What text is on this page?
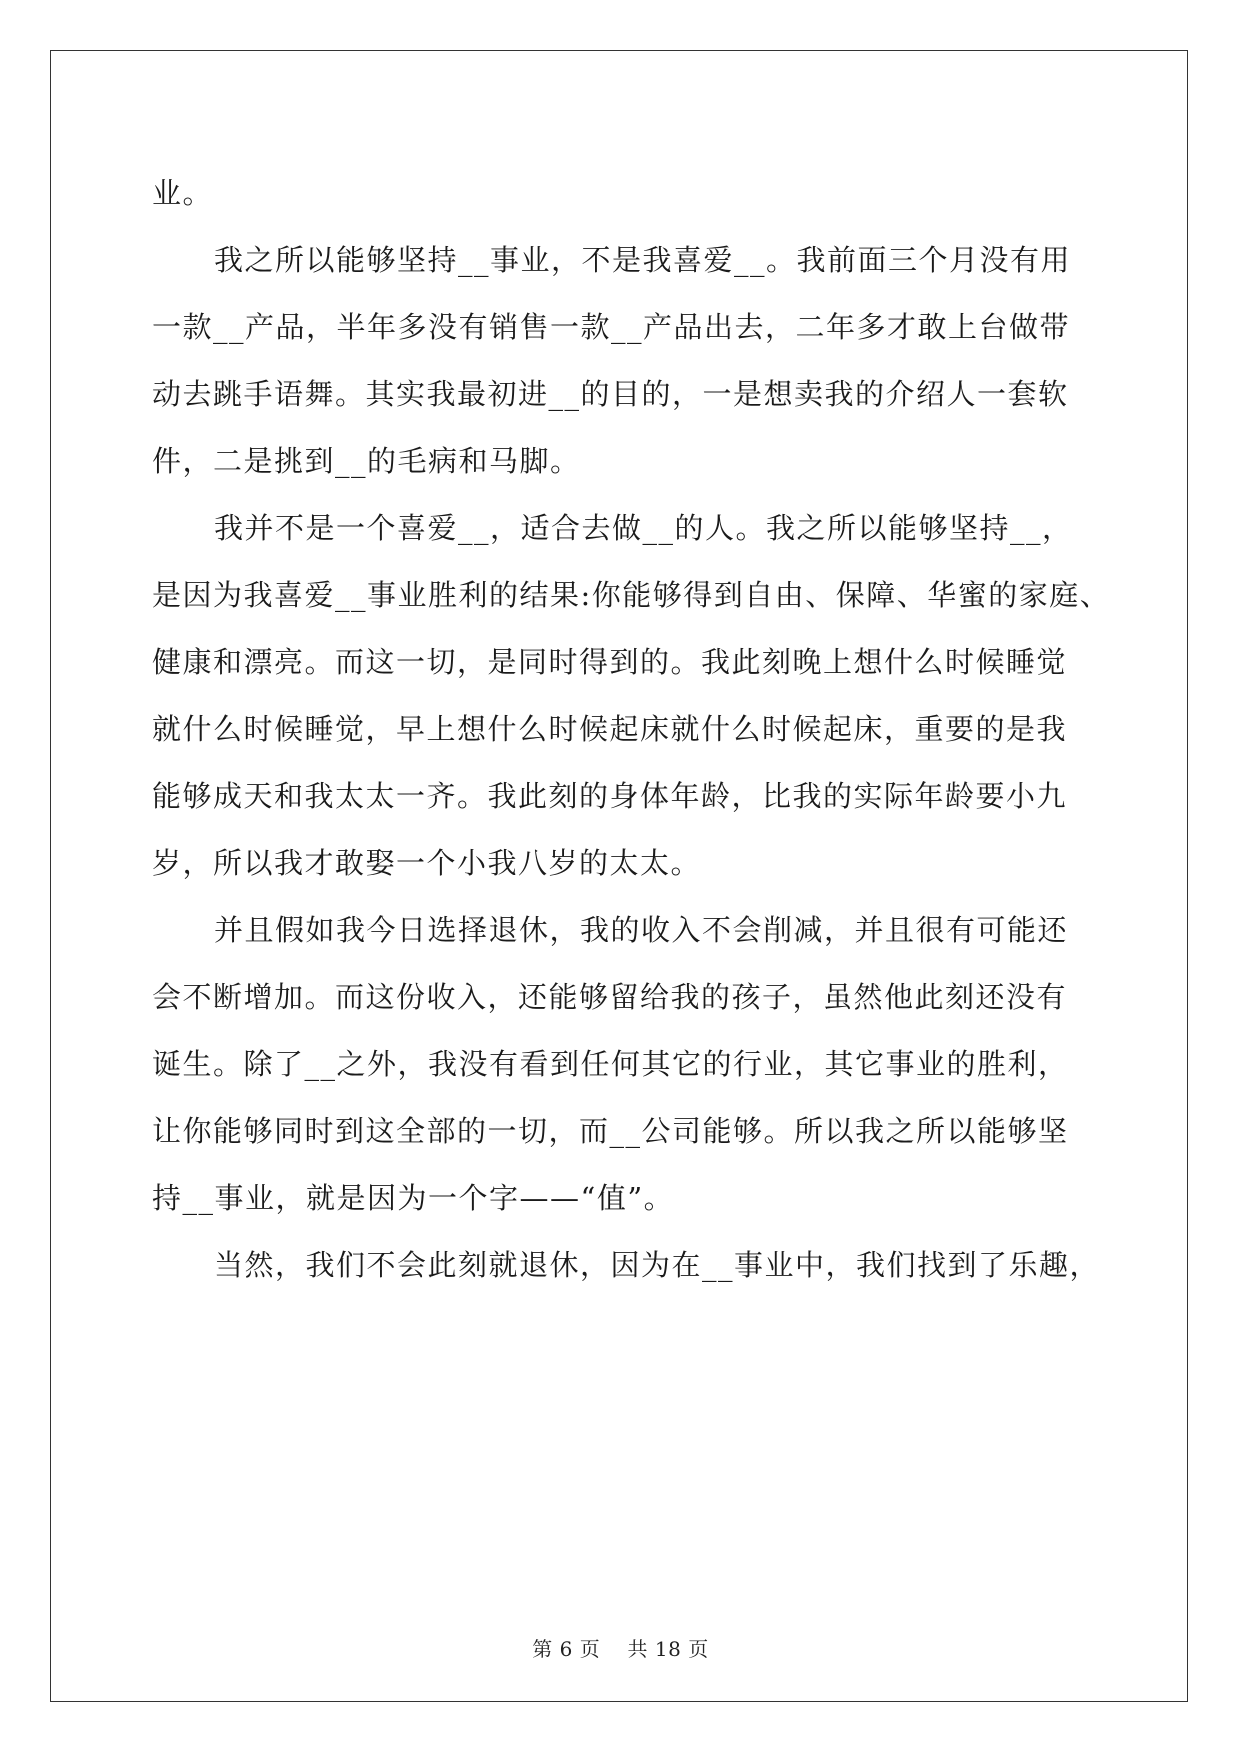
业。
我之所以能够坚持__事业，不是我喜爱__。我前面三个月没有用
一款__产品，半年多没有销售一款__产品出去，二年多才敢上台做带
动去跳手语舞。其实我最初进__的目的，一是想卖我的介绍人一套软
件，二是挑到__的毛病和马脚。
我并不是一个喜爱__，适合去做__的人。我之所以能够坚持__，
是因为我喜爱__事业胜利的结果:你能够得到自由、保障、华蜜的家庭、
健康和漂亮。而这一切，是同时得到的。我此刻晚上想什么时候睡觉
就什么时候睡觉，早上想什么时候起床就什么时候起床，重要的是我
能够成天和我太太一齐。我此刻的身体年龄，比我的实际年龄要小九
岁，所以我才敢娶一个小我八岁的太太。
并且假如我今日选择退休，我的收入不会削减，并且很有可能还
会不断增加。而这份收入，还能够留给我的孩子，虽然他此刻还没有
诞生。除了__之外，我没有看到任何其它的行业，其它事业的胜利，
让你能够同时到这全部的一切，而__公司能够。所以我之所以能够坚
持__事业，就是因为一个字——“值”。
当然，我们不会此刻就退休，因为在__事业中，我们找到了乐趣，
第 6 页　 共 18 页
